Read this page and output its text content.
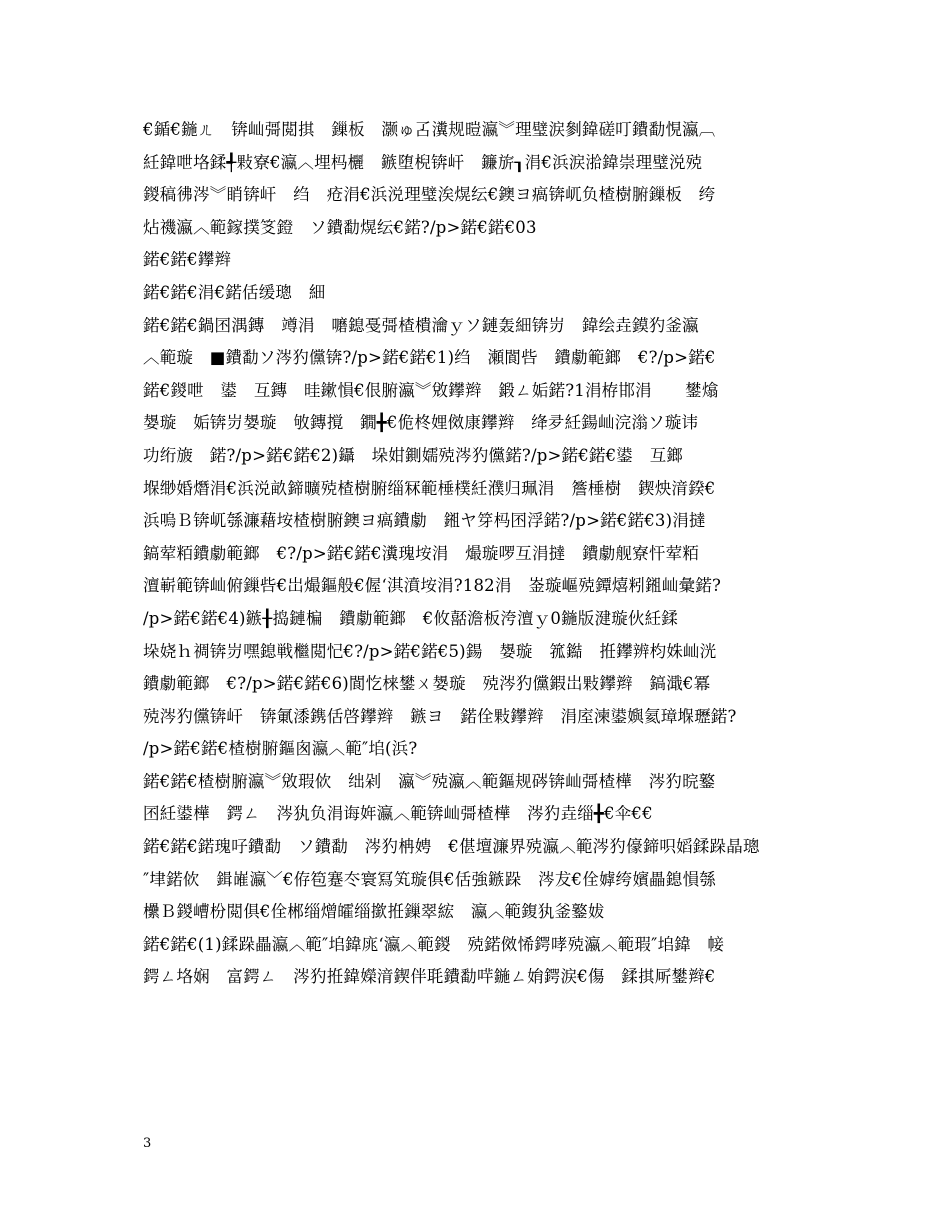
€鍎€鍦ㄦ　锛屾彁閲掑　鏁板　灏ゅ叾瀵规暟瀛︾理璧涙剼鍏磋叮鐨勫悓瀛︹
紝鍏呭垎鍒╃敤寮€瀛︿埋杩欐　鏃堕棿锛屽　鐮旂┒涓€浜涙湁鍏崇理璧涚殑
鍐稿彿涔︾睄锛屽　绉　疮涓€浜涚理璧涘熀纭€鐭ヨ瘑锛屼负楂樹腑鏁板　绔
炶禨瀛︿範鎵撲笅鐙　ソ鐨勫熀纭€鍩?/p>鍩€鍩€03
鍩€鍩€鑻辫
鍩€鍩€涓€鍩佸缓璁　細
鍩€鍩€鍋囨湡鏄　竴涓　嚰鎴戞彁楂樻瀹ｙソ鏈轰細锛岃　鍏绘垚鏌犳釜瀛
︿範璇　■鐨勫ソ涔犳儻锛?/p>鍩€鍩€1)绉　瀬閬呰　鐨勮範鎯　€?/p>鍩€
鍩€鍐呭　鍙　互鏄　晆鏉愪€佷腑瀛︾敓鑻辫　鍛ㄥ姤鍩?1涓栫邯涓　　鐢熻
嫢璇　姤锛岃嫢璇　敂鏄撹　鐗╋€佹柊娌傚康鑻辫　绛夛紝鍚屾浣滃ソ璇讳
功绗旇　鍩?/p>鍩€鍩€2)鑷　垛姏鍘嬬殑涔犳儻鍩?/p>鍩€鍩€鍙　互鎯
堢缈婚熸涓€浜涚畝鍗曠殑楂樹腑缁冧範棰樸紝濮归珮涓　簷棰樹　鍥炴湇鍨€
浜嗚Ｂ锛屼綔濂藉垵楂樹腑鐭ヨ瘑鐨勮　鎺ヤ笌杩囨浮鍩?/p>鍩€鍩€3)涓撻
鎬荤粨鐨勮範鎯　€?/p>鍩€鍩€瀵瑰垵涓　熶璇啰互涓撻　鐨勮舰寮忓荤粨
澶嶄範锛屾俯鏁呰€岀熶鏂般€偓‘淇濆垵涓?182涓　崟璇嶇殑鐔熺粌鎺屾彙鍩?
/p>鍩€鍩€4)鏃╂捣鏈楄　鐨勮範鎯　€攸嚭澹板洿澶ｙ0鍦版湕璇伙紝鍒
垛娆ｈ禂锛岃嘿鎴戦檵閲忋€?/p>鍩€鍩€5)鍚　嫢璇　箛鐑　拰鑻辨枃姝屾洸
鐨勮範鎯　€?/p>鍩€鍩€6)閬忔梾鐢ㄨ嫢璇　殑涔犳儻鍜岀敤鑻辫　鎬濈€冪
殑涔犳儻锛屽　锛氭潻鎸佸啓鑻辫　鏃ヨ　鍩佺敤鑻辫　涓庢湅鍙嬩氦璋堢瓑鍩?
/p>鍩€鍩€楂樹腑鏂囪瀛︿範″垖(浜?
鍩€鍩€楂樹腑瀛︾敓瑕佽　绌剁　瀛︾殑瀛︿範鏂规硶锛屾彁楂樺　涔犳晥鐜
囨紝鍙樺　鍔ㄥ　涔犱负涓诲姩瀛︿範锛屾彁楂樺　涔犳垚缁╋€伞€€
鍩€鍩€鍩瑰吇鐨勫　ソ鐨勫　涔犳柟娉　€偡壇濂界殑瀛︿範涔犳儫鍗呮嫍鍒跺晶璁
″垏鍩佽　鍓嶉瀛﹀€侟笣蹇冭寰冩笂璇俱€佸強鏃跺　涔犮€佺嫭绔嬪畾鎴愪綔
欙Ｂ鍐嶆枌閲俱€佺郴缁熷皬缁撳拰鏁翠綋　瀛︿範鍑犱釜鐜妭
鍩€鍩€(1)鍒跺畾瀛︿範″垖鍏庣‘瀛︿範鍐　殑鍩傚悕鍔哮殑瀛︿範瑕″垖鍏　帹
鍔ㄥ垎娴　富鍔ㄥ　涔犳拰鍏嬫湇鍥伴毦鐨勫哶鍦ㄥ姢鍔涙€傷　鍒掑厛鐢辫€
3
